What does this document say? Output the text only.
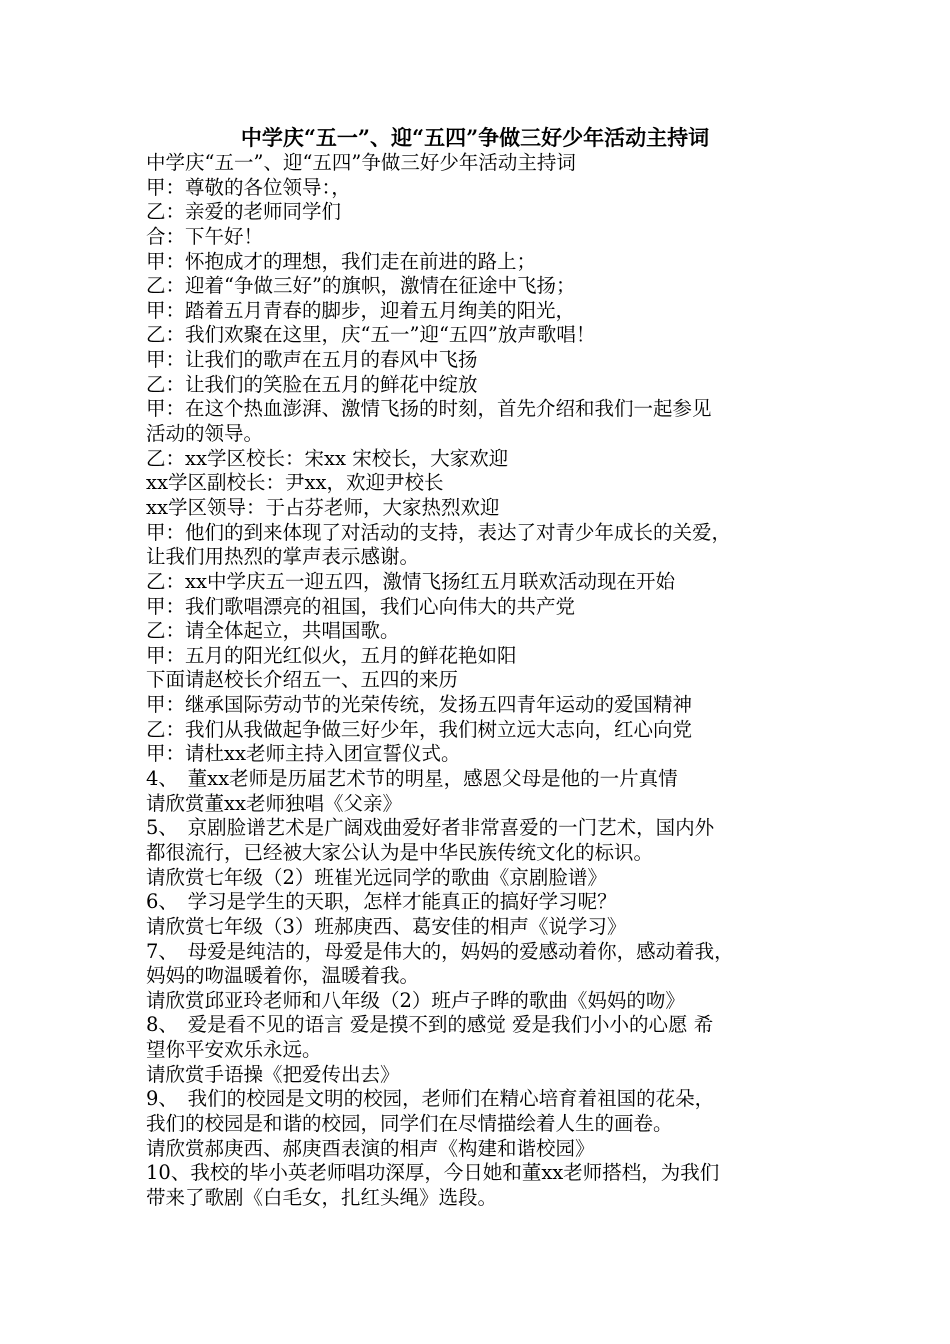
中学庆“五一”、迎“五四”争做三好少年活动主持词
中学庆“五一”、迎“五四”争做三好少年活动主持词
甲：尊敬的各位领导：，
乙：亲爱的老师同学们
合：下午好！
甲：怀抱成才的理想，我们走在前进的路上；
乙：迎着“争做三好”的旗帜，激情在征途中飞扬；
甲：踏着五月青春的脚步，迎着五月绚美的阳光，
乙：我们欢聚在这里，庆“五一”迎“五四”放声歌唱！
甲：让我们的歌声在五月的春风中飞扬
乙：让我们的笑脸在五月的鲜花中绽放
甲：在这个热血澎湃、激情飞扬的时刻，首先介绍和我们一起参见
活动的领导。
乙：xx学区校长：宋xx 宋校长，大家欢迎
xx学区副校长：尹xx，欢迎尹校长
xx学区领导：于占芬老师，大家热烈欢迎
甲：他们的到来体现了对活动的支持，表达了对青少年成长的关爱，
让我们用热烈的掌声表示感谢。
乙：xx中学庆五一迎五四，激情飞扬红五月联欢活动现在开始
甲：我们歌唱漂亮的祖国，我们心向伟大的共产党
乙：请全体起立，共唱国歌。
甲：五月的阳光红似火，五月的鲜花艳如阳
下面请赵校长介绍五一、五四的来历
甲：继承国际劳动节的光荣传统，发扬五四青年运动的爱国精神
乙：我们从我做起争做三好少年，我们树立远大志向，红心向党
甲：请杜xx老师主持入团宣誓仪式。
4、　董xx老师是历届艺术节的明星，感恩父母是他的一片真情
请欣赏董xx老师独唱《父亲》
5、　京剧脸谱艺术是广阔戏曲爱好者非常喜爱的一门艺术，国内外
都很流行，已经被大家公认为是中华民族传统文化的标识。
请欣赏七年级（2）班崔光远同学的歌曲《京剧脸谱》
6、　学习是学生的天职，怎样才能真正的搞好学习呢？
请欣赏七年级（3）班郝庚西、葛安佳的相声《说学习》
7、　母爱是纯洁的，母爱是伟大的，妈妈的爱感动着你，感动着我，
妈妈的吻温暖着你，温暖着我。
请欣赏邱亚玲老师和八年级（2）班卢子晔的歌曲《妈妈的吻》
8、　爱是看不见的语言 爱是摸不到的感觉 爱是我们小小的心愿 希
望你平安欢乐永远。
请欣赏手语操《把爱传出去》
9、　我们的校园是文明的校园，老师们在精心培育着祖国的花朵，
我们的校园是和谐的校园，同学们在尽情描绘着人生的画卷。
请欣赏郝庚西、郝庚酉表演的相声《构建和谐校园》
10、我校的毕小英老师唱功深厚，今日她和董xx老师搭档，为我们
带来了歌剧《白毛女，扎红头绳》选段。
